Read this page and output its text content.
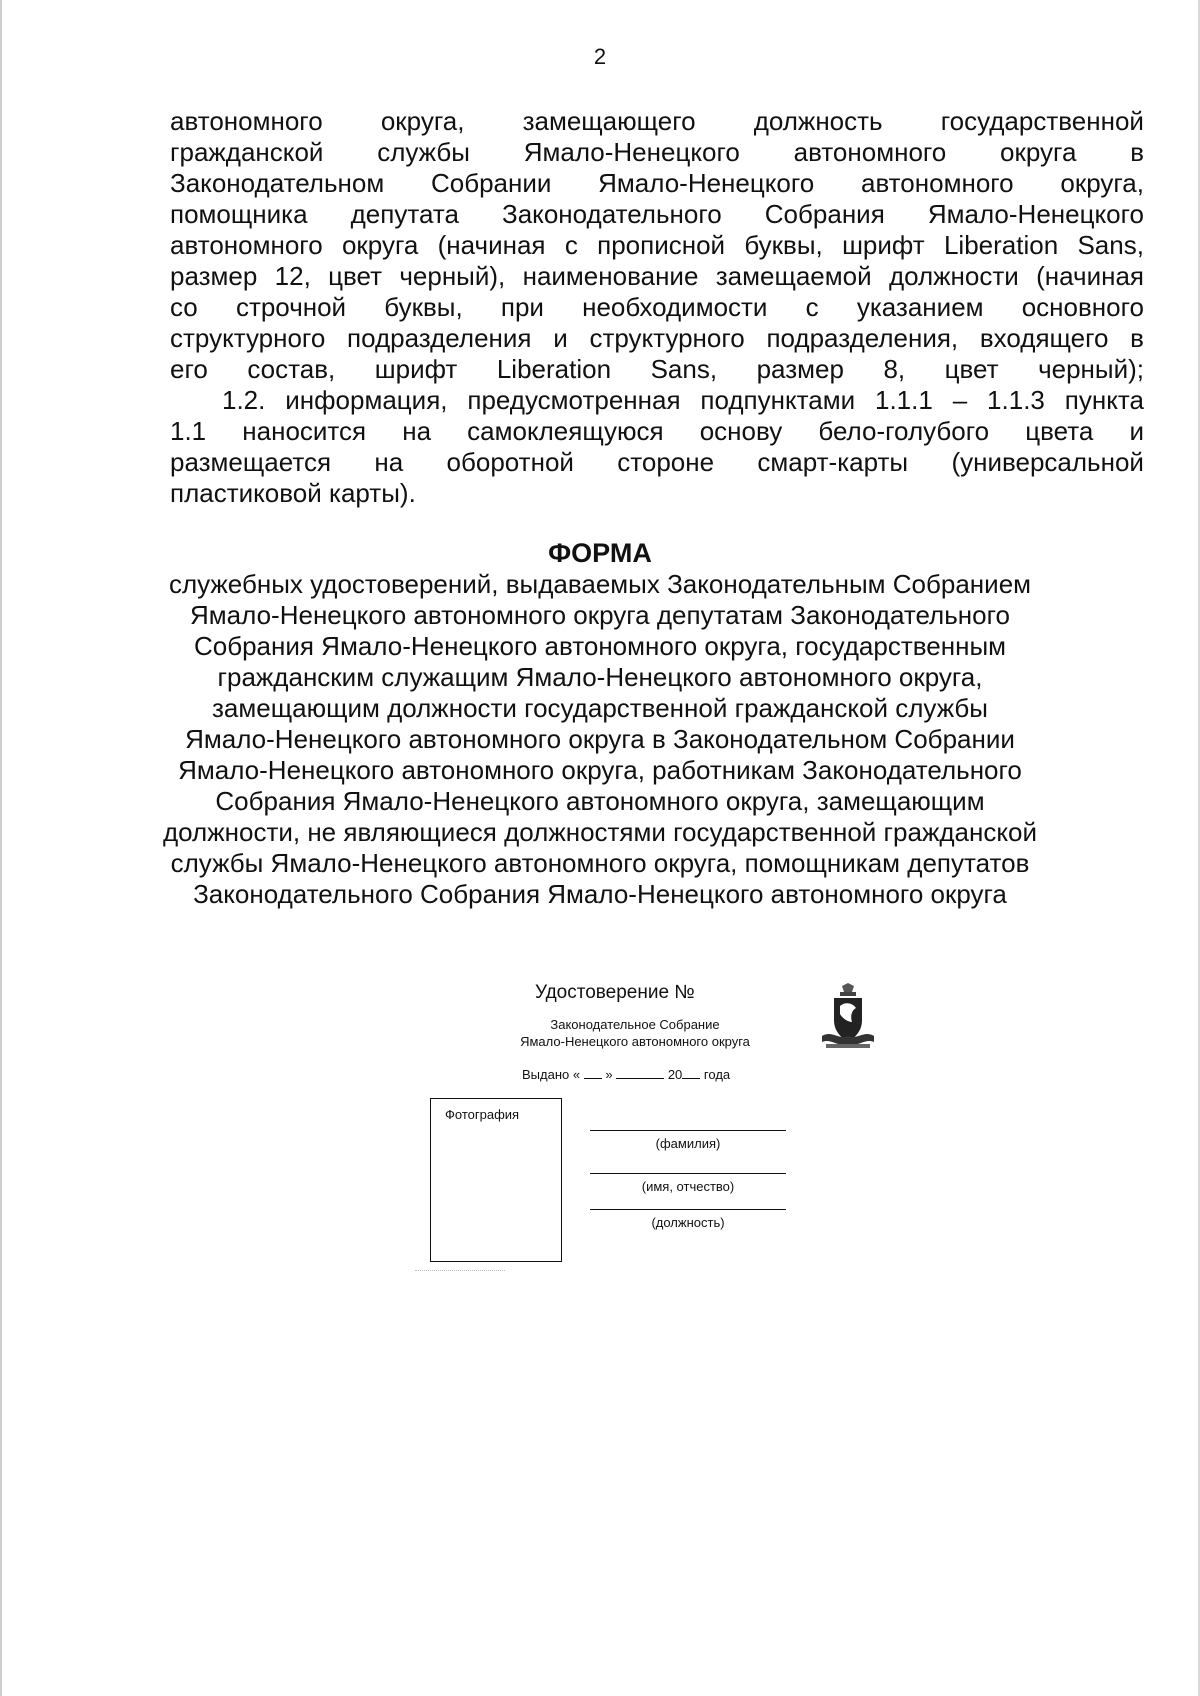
2
автономного округа, замещающего должность государственной
гражданской службы Ямало-Ненецкого автономного округа в
Законодательном Собрании Ямало-Ненецкого автономного округа,
помощника депутата Законодательного Собрания Ямало-Ненецкого
автономного округа (начиная с прописной буквы, шрифт Liberation Sans,
размер 12, цвет черный), наименование замещаемой должности (начиная
со строчной буквы, при необходимости с указанием основного
структурного подразделения и структурного подразделения, входящего в
его состав, шрифт Liberation Sans, размер 8, цвет черный);
1.2. информация, предусмотренная подпунктами 1.1.1 – 1.1.3 пункта
1.1 наносится на самоклеящуюся основу бело-голубого цвета и
размещается на оборотной стороне смарт-карты (универсальной
пластиковой карты).
ФОРМА
служебных удостоверений, выдаваемых Законодательным Собранием
Ямало-Ненецкого автономного округа депутатам Законодательного
Собрания Ямало-Ненецкого автономного округа, государственным
гражданским служащим Ямало-Ненецкого автономного округа,
замещающим должности государственной гражданской службы
Ямало-Ненецкого автономного округа в Законодательном Собрании
Ямало-Ненецкого автономного округа, работникам Законодательного
Собрания Ямало-Ненецкого автономного округа, замещающим
должности, не являющиеся должностями государственной гражданской
службы Ямало-Ненецкого автономного округа, помощникам депутатов
Законодательного Собрания Ямало-Ненецкого автономного округа
Удостоверение №
Законодательное Собрание
Ямало-Ненецкого автономного округа
Выдано « »	20 года
Фотография
(фамилия)
(имя, отчество)
(должность)
